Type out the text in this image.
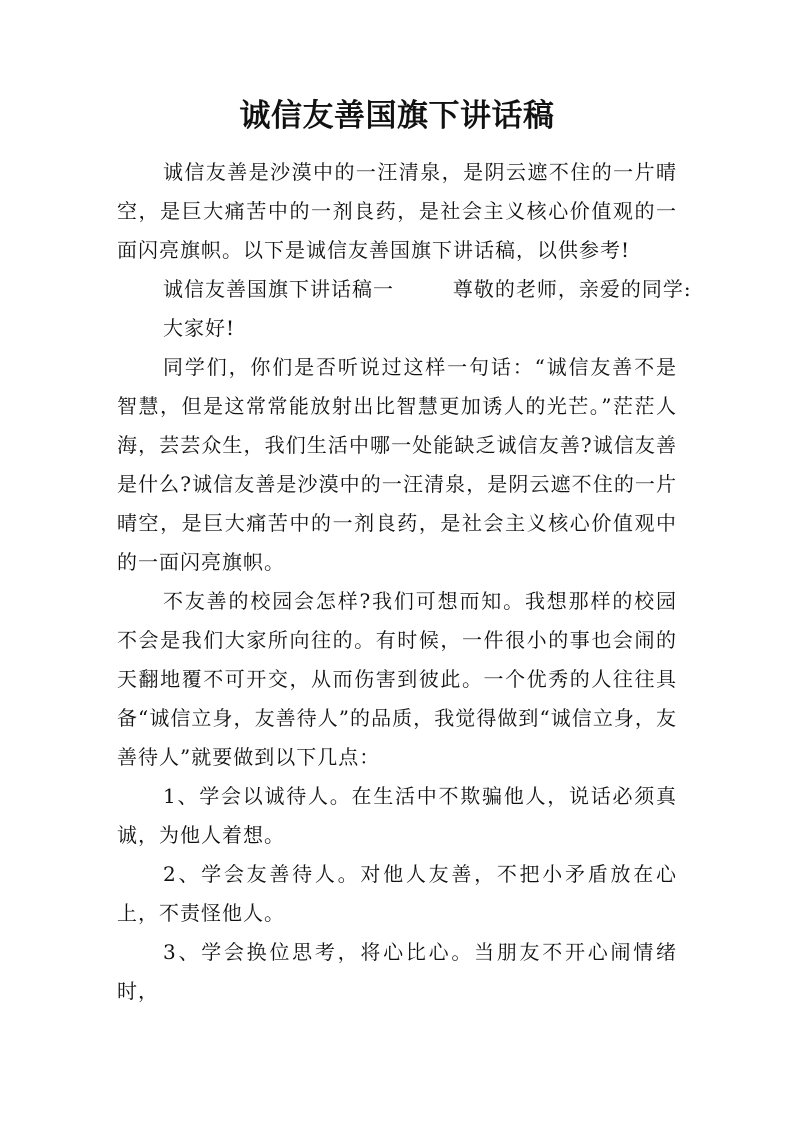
诚信友善国旗下讲话稿

诚信友善是沙漠中的一汪清泉，是阴云遮不住的一片晴空，是巨大痛苦中的一剂良药，是社会主义核心价值观的一面闪亮旗帜。以下是诚信友善国旗下讲话稿，以供参考!

诚信友善国旗下讲话稿一        尊敬的老师，亲爱的同学:

大家好!

同学们，你们是否听说过这样一句话：“诚信友善不是智慧，但是这常常能放射出比智慧更加诱人的光芒。”茫茫人海，芸芸众生，我们生活中哪一处能缺乏诚信友善?诚信友善是什么?诚信友善是沙漠中的一汪清泉，是阴云遮不住的一片晴空，是巨大痛苦中的一剂良药，是社会主义核心价值观中的一面闪亮旗帜。

不友善的校园会怎样?我们可想而知。我想那样的校园不会是我们大家所向往的。有时候，一件很小的事也会闹的天翻地覆不可开交，从而伤害到彼此。一个优秀的人往往具备“诚信立身，友善待人”的品质，我觉得做到“诚信立身，友善待人”就要做到以下几点：

1、学会以诚待人。在生活中不欺骗他人，说话必须真诚，为他人着想。

2、学会友善待人。对他人友善，不把小矛盾放在心上，不责怪他人。

3、学会换位思考，将心比心。当朋友不开心闹情绪时，
